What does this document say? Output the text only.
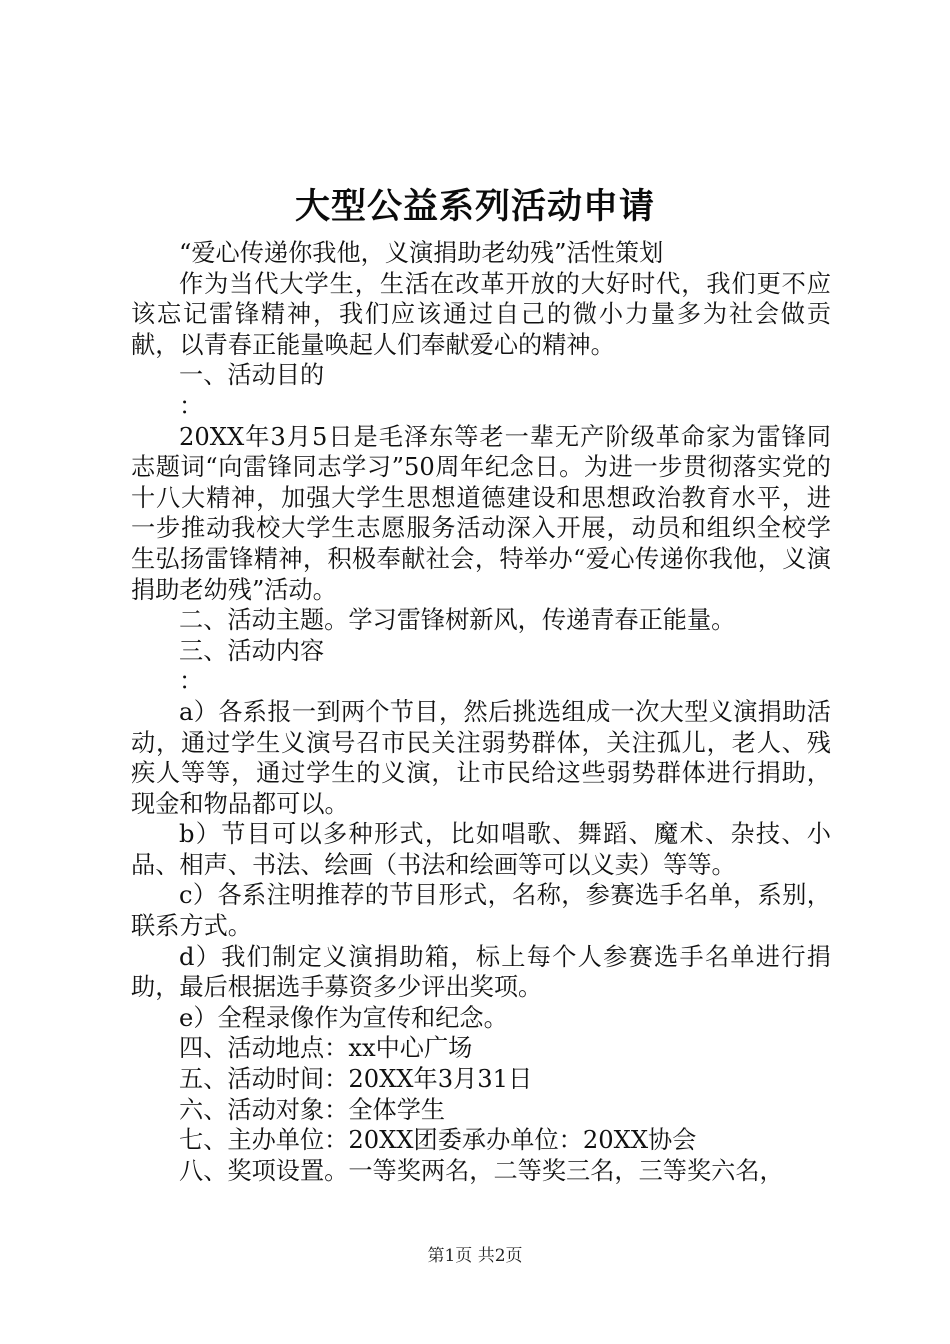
大型公益系列活动申请

“爱心传递你我他，义演捐助老幼残”活性策划

作为当代大学生，生活在改革开放的大好时代，我们更不应该忘记雷锋精神，我们应该通过自己的微小力量多为社会做贡献，以青春正能量唤起人们奉献爱心的精神。

一、活动目的

：

20XX年3月5日是毛泽东等老一辈无产阶级革命家为雷锋同志题词“向雷锋同志学习”50周年纪念日。为进一步贯彻落实党的十八大精神，加强大学生思想道德建设和思想政治教育水平，进一步推动我校大学生志愿服务活动深入开展，动员和组织全校学生弘扬雷锋精神，积极奉献社会，特举办“爱心传递你我他，义演捐助老幼残”活动。

二、活动主题。学习雷锋树新风，传递青春正能量。

三、活动内容

：

a）各系报一到两个节目，然后挑选组成一次大型义演捐助活动，通过学生义演号召市民关注弱势群体，关注孤儿，老人、残疾人等等，通过学生的义演，让市民给这些弱势群体进行捐助，现金和物品都可以。

b）节目可以多种形式，比如唱歌、舞蹈、魔术、杂技、小品、相声、书法、绘画（书法和绘画等可以义卖）等等。

c）各系注明推荐的节目形式，名称，参赛选手名单，系别，联系方式。

d）我们制定义演捐助箱，标上每个人参赛选手名单进行捐助，最后根据选手募资多少评出奖项。

e）全程录像作为宣传和纪念。

四、活动地点：xx中心广场

五、活动时间：20XX年3月31日

六、活动对象：全体学生

七、主办单位：20XX团委承办单位：20XX协会

八、奖项设置。一等奖两名，二等奖三名，三等奖六名，

第1页 共2页
